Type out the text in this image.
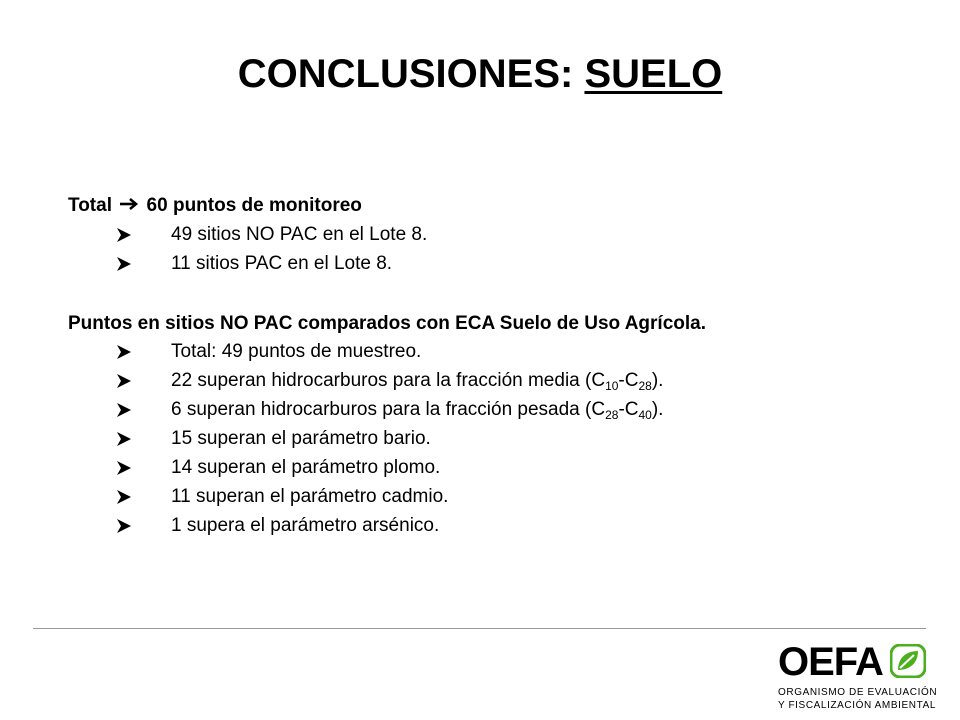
CONCLUSIONES: SUELO

Total 60 puntos de monitoreo

49 sitios NO PAC en el Lote 8.
11 sitios PAC en el Lote 8.

Puntos en sitios NO PAC comparados con ECA Suelo de Uso Agrícola.

Total: 49 puntos de muestreo.
22 superan hidrocarburos para la fracción media $(C_{10}-C_{28})$.
6 superan hidrocarburos para la fracción pesada $(C_{28}-C_{40})$.
15 superan el parámetro bario.
14 superan el parámetro plomo.
11 superan el parámetro cadmio.
1 supera el parámetro arsénico.
OEFA
ORGANISMO DE EVALUACIÓN
Y FISCALIZACIÓN AMBIENTAL
